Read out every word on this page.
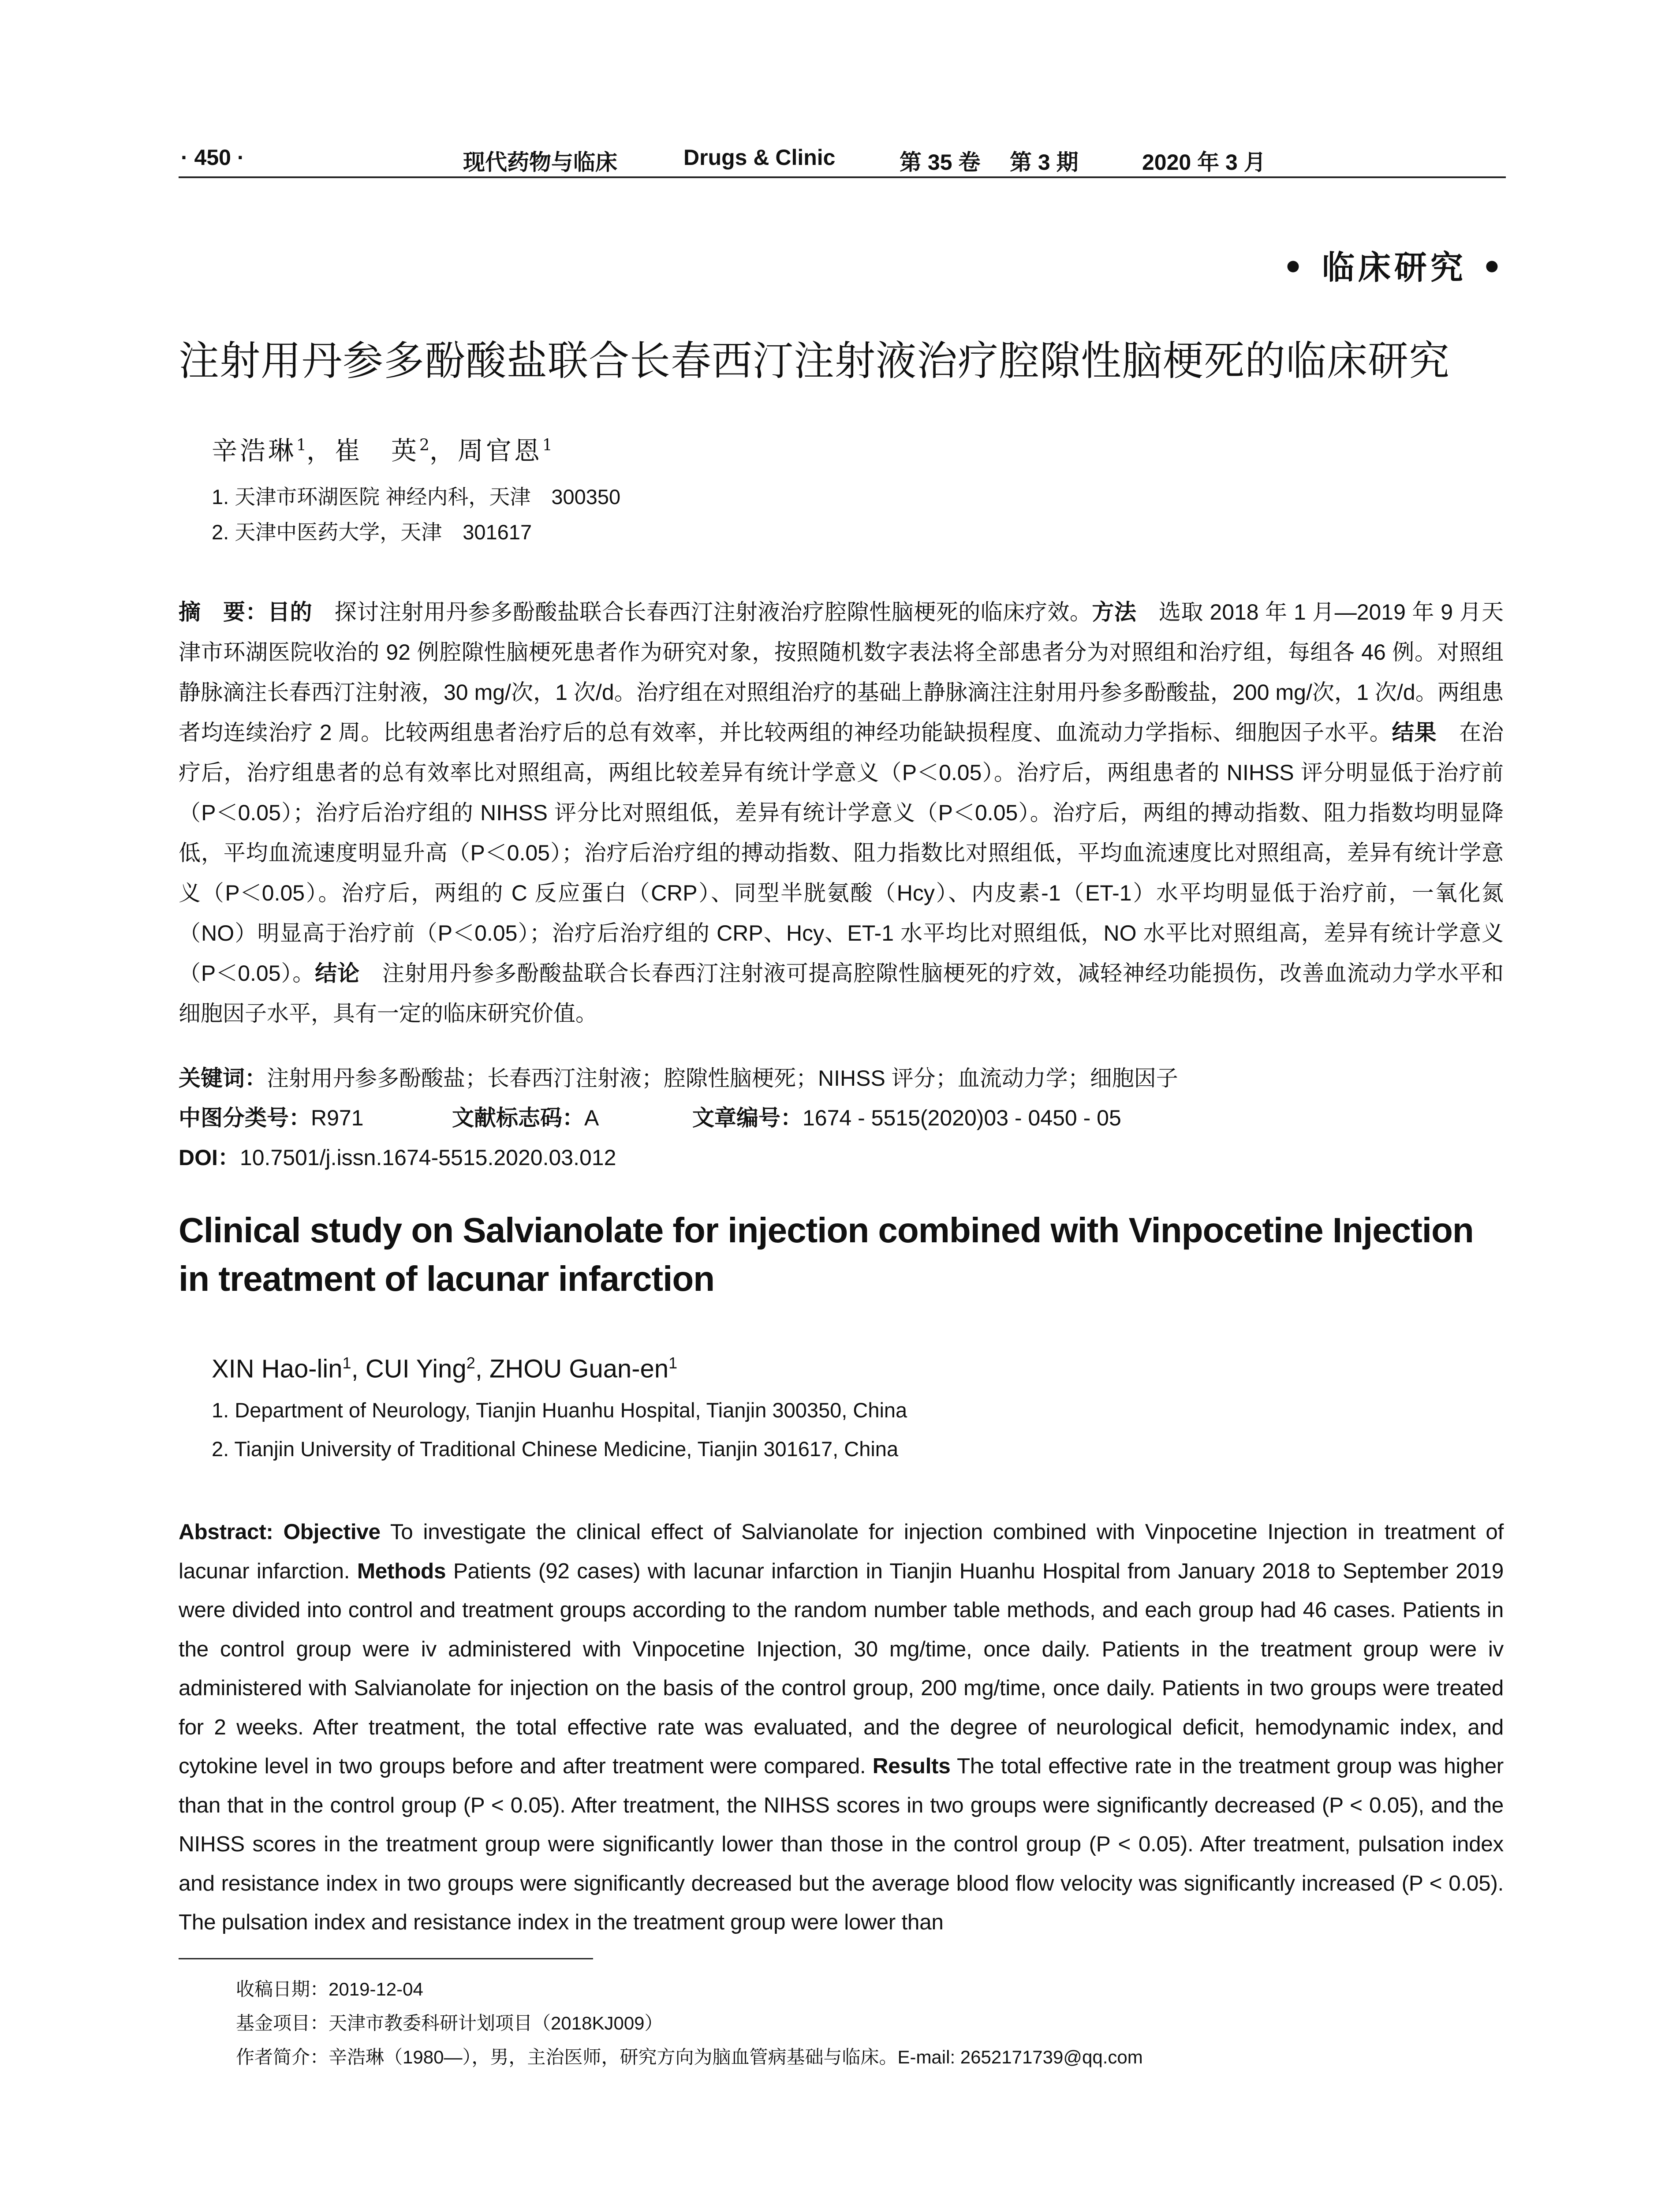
· 450 ·	现代药物与临床	Drugs & Clinic	第 35 卷 第 3 期	2020 年 3 月
• 临床研究 •
注射用丹参多酚酸盐联合长春西汀注射液治疗腔隙性脑梗死的临床研究
辛浩琳$^1$，崔　英$^2$，周官恩$^1$
1. 天津市环湖医院 神经内科，天津　300350
2. 天津中医药大学，天津　301617
摘　要：目的　探讨注射用丹参多酚酸盐联合长春西汀注射液治疗腔隙性脑梗死的临床疗效。方法　选取 2018 年 1 月—2019 年 9 月天津市环湖医院收治的 92 例腔隙性脑梗死患者作为研究对象，按照随机数字表法将全部患者分为对照组和治疗组，每组各 46 例。对照组静脉滴注长春西汀注射液，30 mg/次，1 次/d。治疗组在对照组治疗的基础上静脉滴注注射用丹参多酚酸盐，200 mg/次，1 次/d。两组患者均连续治疗 2 周。比较两组患者治疗后的总有效率，并比较两组的神经功能缺损程度、血流动力学指标、细胞因子水平。结果　在治疗后，治疗组患者的总有效率比对照组高，两组比较差异有统计学意义（P＜0.05）。治疗后，两组患者的 NIHSS 评分明显低于治疗前（P＜0.05）；治疗后治疗组的 NIHSS 评分比对照组低，差异有统计学意义（P＜0.05）。治疗后，两组的搏动指数、阻力指数均明显降低，平均血流速度明显升高（P＜0.05）；治疗后治疗组的搏动指数、阻力指数比对照组低，平均血流速度比对照组高，差异有统计学意义（P＜0.05）。治疗后，两组的 C 反应蛋白（CRP）、同型半胱氨酸（Hcy）、内皮素-1（ET-1）水平均明显低于治疗前，一氧化氮（NO）明显高于治疗前（P＜0.05）；治疗后治疗组的 CRP、Hcy、ET-1 水平均比对照组低，NO 水平比对照组高，差异有统计学意义（P＜0.05）。结论　注射用丹参多酚酸盐联合长春西汀注射液可提高腔隙性脑梗死的疗效，减轻神经功能损伤，改善血流动力学水平和细胞因子水平，具有一定的临床研究价值。
关键词：注射用丹参多酚酸盐；长春西汀注射液；腔隙性脑梗死；NIHSS 评分；血流动力学；细胞因子
中图分类号：R971	文献标志码：A	文章编号：1674 - 5515(2020)03 - 0450 - 05
DOI：10.7501/j.issn.1674-5515.2020.03.012
Clinical study on Salvianolate for injection combined with Vinpocetine Injection in treatment of lacunar infarction
XIN Hao-lin$^1$, CUI Ying$^2$, ZHOU Guan-$en^1$
1. Department of Neurology, Tianjin Huanhu Hospital, Tianjin 300350, China
2. Tianjin University of Traditional Chinese Medicine, Tianjin 301617, China
Abstract: Objective To investigate the clinical effect of Salvianolate for injection combined with Vinpocetine Injection in treatment of lacunar infarction. Methods Patients (92 cases) with lacunar infarction in Tianjin Huanhu Hospital from January 2018 to September 2019 were divided into control and treatment groups according to the random number table methods, and each group had 46 cases. Patients in the control group were iv administered with Vinpocetine Injection, 30 mg/time, once daily. Patients in the treatment group were iv administered with Salvianolate for injection on the basis of the control group, 200 mg/time, once daily. Patients in two groups were treated for 2 weeks. After treatment, the total effective rate was evaluated, and the degree of neurological deficit, hemodynamic index, and cytokine level in two groups before and after treatment were compared. Results The total effective rate in the treatment group was higher than that in the control group (P < 0.05). After treatment, the NIHSS scores in two groups were significantly decreased (P < 0.05), and the NIHSS scores in the treatment group were significantly lower than those in the control group (P < 0.05). After treatment, pulsation index and resistance index in two groups were significantly decreased but the average blood flow velocity was significantly increased (P < 0.05). The pulsation index and resistance index in the treatment group were lower than
收稿日期：2019-12-04
基金项目：天津市教委科研计划项目（2018KJ009）
作者简介：辛浩琳（1980—），男，主治医师，研究方向为脑血管病基础与临床。E-mail: 2652171739@qq.com
